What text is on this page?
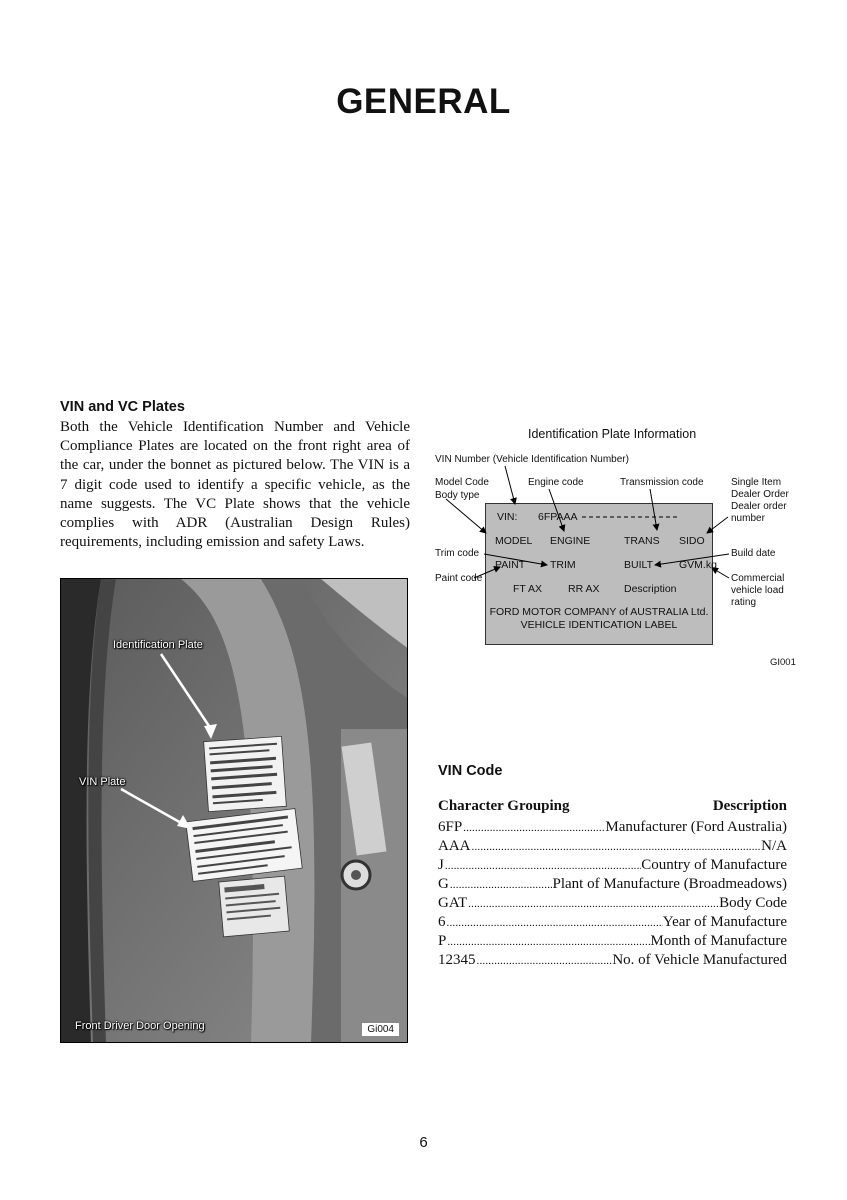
GENERAL
VIN and VC Plates
Both the Vehicle Identification Number and Vehicle Compliance Plates are located on the front right area of the car, under the bonnet as pictured below. The VIN is a 7 digit code used to identify a specific vehicle, as the name suggests. The VC Plate shows that the vehicle complies with ADR (Australian Design Rules) requirements, including emission and safety Laws.
Identification Plate
VIN Plate
Front Driver Door Opening	Gi004
Identification Plate Information
VIN Number (Vehicle Identification Number)
Model Code
Body type
Engine code	Transmission code	Single Item
Dealer Order
Dealer order
number
Trim code
Paint code
Build date
Commercial
vehicle load
rating
VIN: 6FPAAA
MODEL ENGINE	TRANS SIDO
PAINT TRIM	BUILT GVM.kg
FT AX RR AX Description
FORD MOTOR COMPANY of AUSTRALIA Ltd.
VEHICLE IDENTICATION LABEL
GI001
VIN Code
Character Grouping	Description
6FP .....	Manufacturer (Ford Australia)
AAA .....	N/A
J .....	Country of Manufacture
G .....	Plant of Manufacture (Broadmeadows)
GAT .....	Body Code
6 .....	Year of Manufacture
P .....	Month of Manufacture
12345 .....	No. of Vehicle Manufactured
6
